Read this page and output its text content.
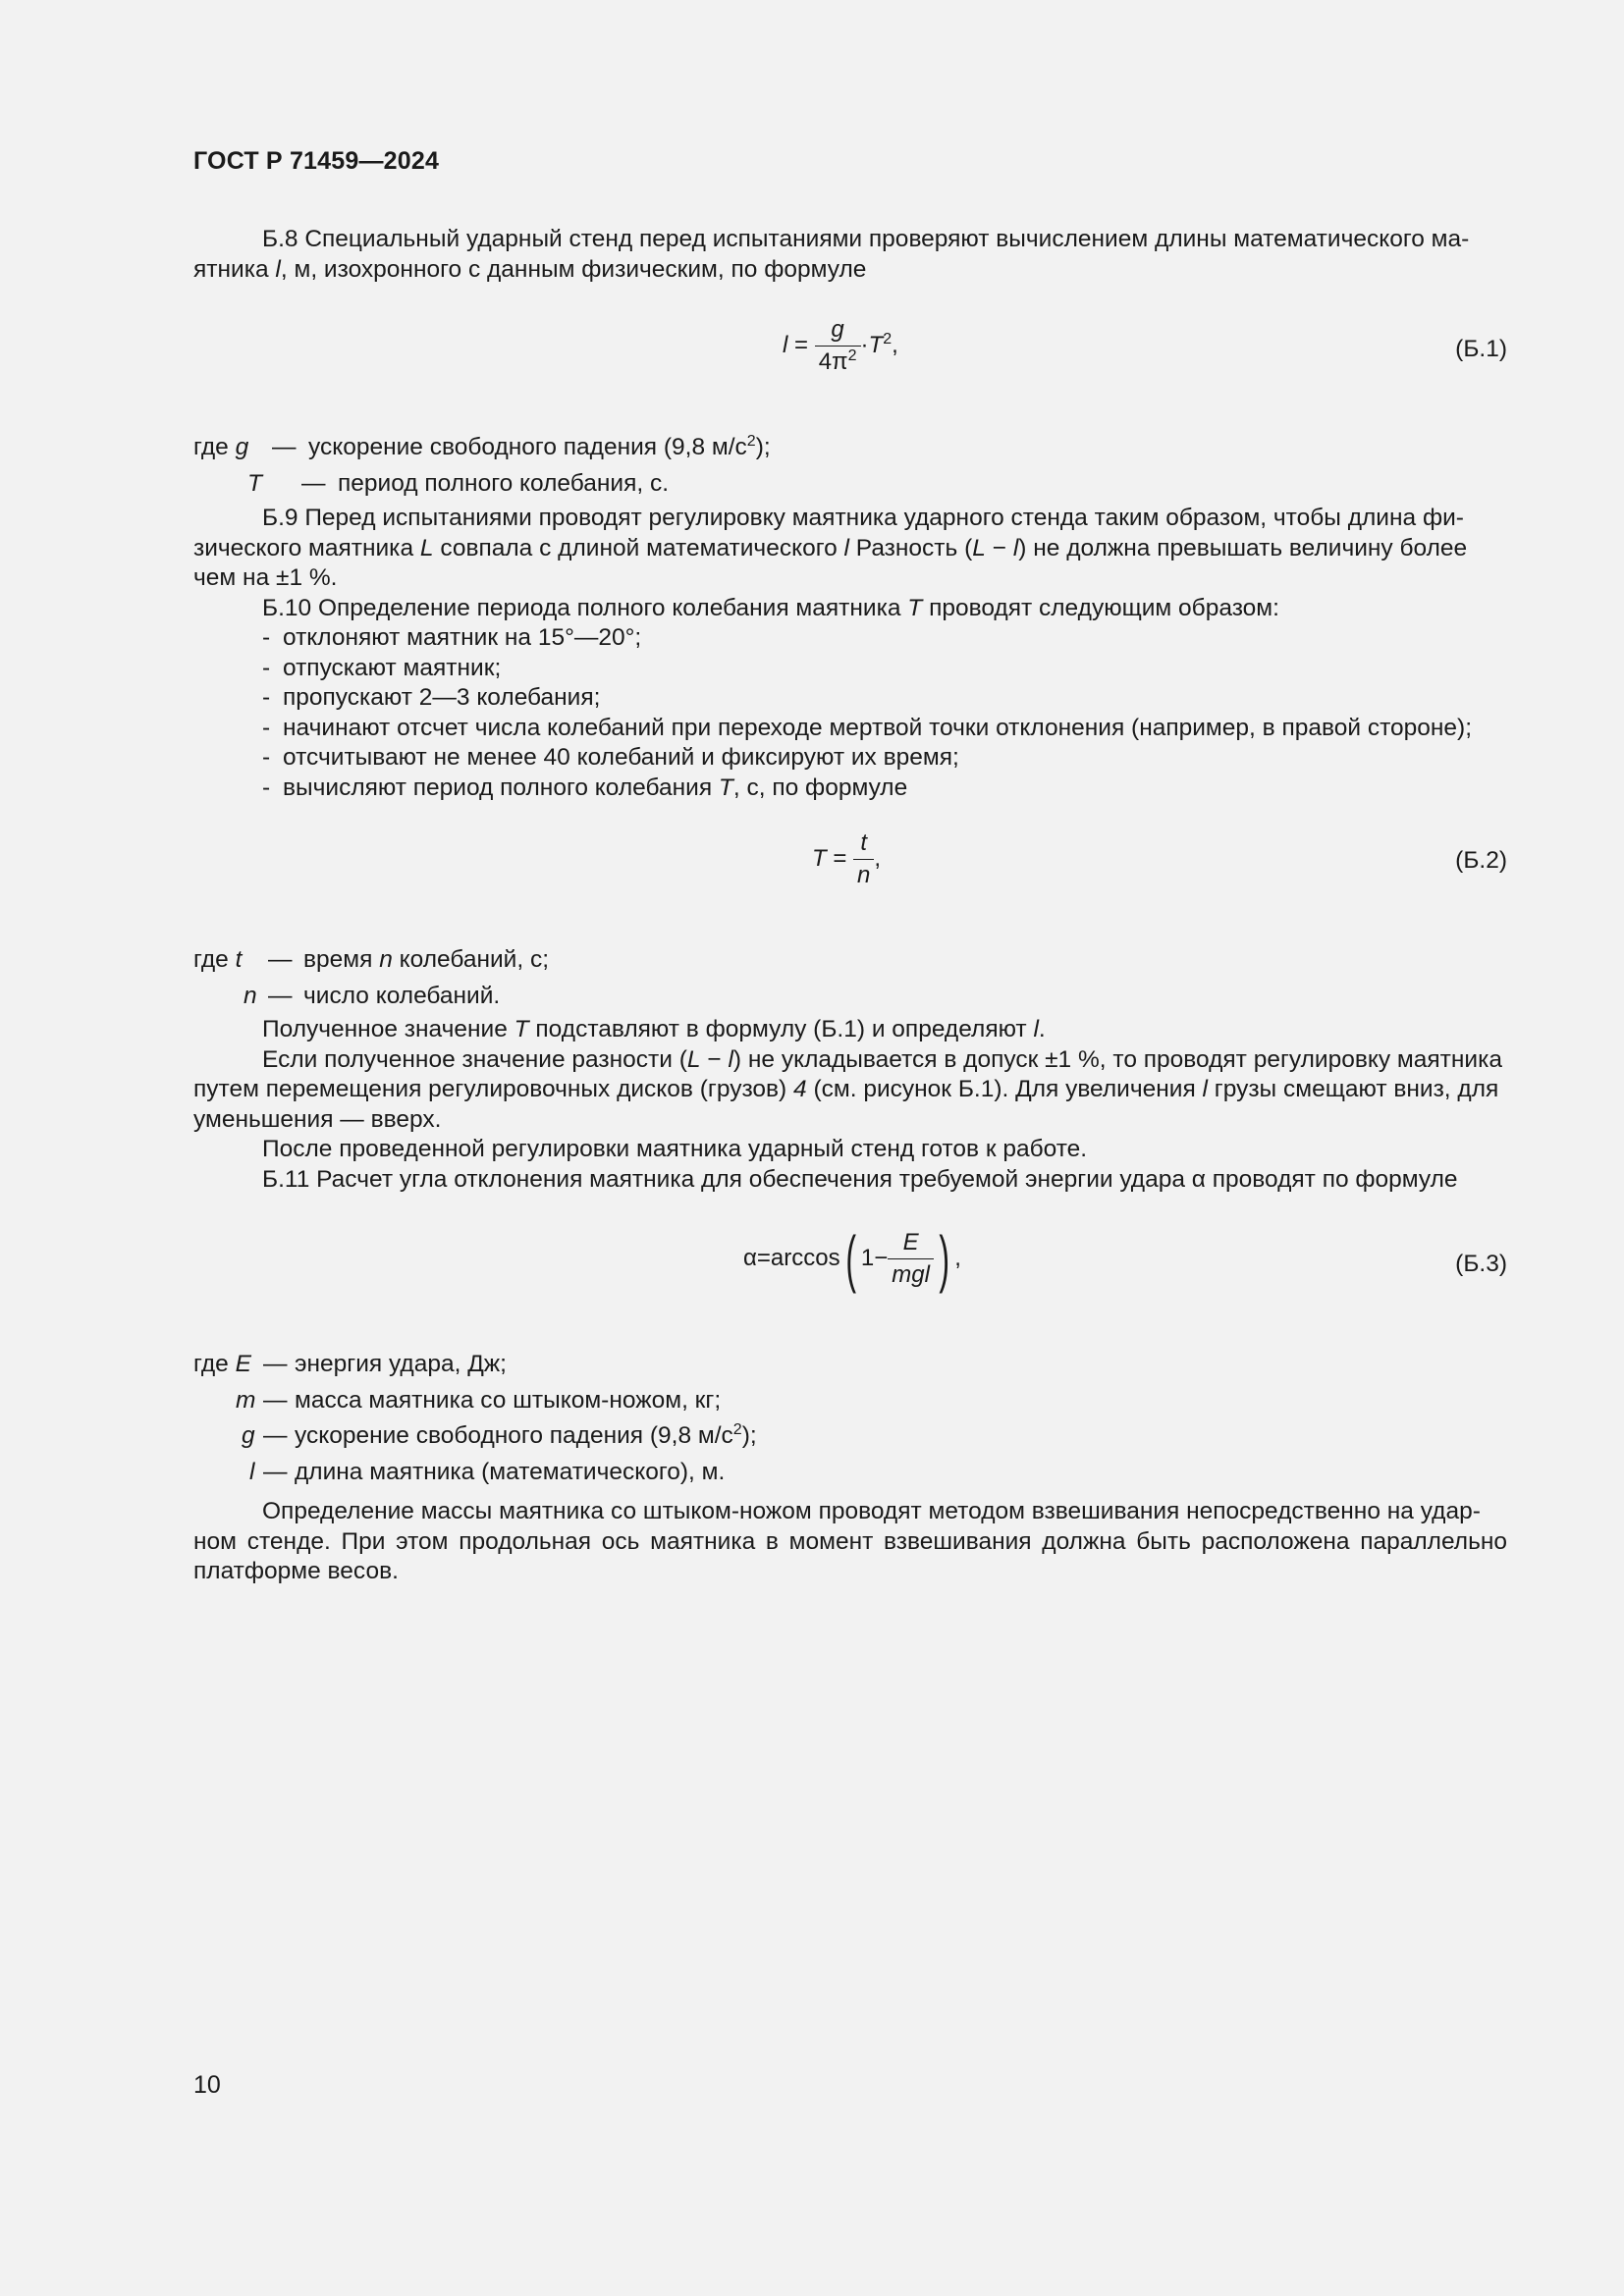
ГОСТ Р 71459—2024
Б.8 Специальный ударный стенд перед испытаниями проверяют вычислением длины математического ма-
ятника l, м, изохронного с данным физическим, по формуле
$l = \frac{g}{4\pi^2} \cdot T^2$,	(Б.1)
где g — ускорение свободного падения (9,8 $м/с^2$);
T	— период полного колебания, с.
Б.9 Перед испытаниями проводят регулировку маятника ударного стенда таким образом, чтобы длина фи-
зического маятника L совпала с длиной математического l Разность (L − l) не должна превышать величину более
чем на ±1 %.
Б.10 Определение периода полного колебания маятника T проводят следующим образом:
- отклоняют маятник на 15°—20°;
- отпускают маятник;
- пропускают 2—3 колебания;
- начинают отсчет числа колебаний при переходе мертвой точки отклонения (например, в правой стороне);
- отсчитывают не менее 40 колебаний и фиксируют их время;
- вычисляют период полного колебания T, с, по формуле
$T = \frac{t}{n}$ ,	(Б.2)
где t	— время n колебаний, с;
n — число колебаний.
Полученное значение T подставляют в формулу (Б.1) и определяют l.
Если полученное значение разности (L − l) не укладывается в допуск ±1 %, то проводят регулировку маятника
путем перемещения регулировочных дисков (грузов) 4 (см. рисунок Б.1). Для увеличения l грузы смещают вниз, для
уменьшения — вверх.
После проведенной регулировки маятника ударный стенд готов к работе.
Б.11 Расчет угла отклонения маятника для обеспечения требуемой энергии удара α проводят по формуле
α = arccos ( $1- \frac{E}{\text{mgl}}$ ) ,	(Б.3)
где E — энергия удара, Дж;
m — масса маятника со штыком-ножом, кг;
g — ускорение свободного падения (9,8 $м/с^2$);
l — длина маятника (математического), м.
Определение массы маятника со штыком-ножом проводят методом взвешивания непосредственно на удар-
ном стенде. При этом продольная ось маятника в момент взвешивания должна быть расположена параллельно
платформе весов.
10
